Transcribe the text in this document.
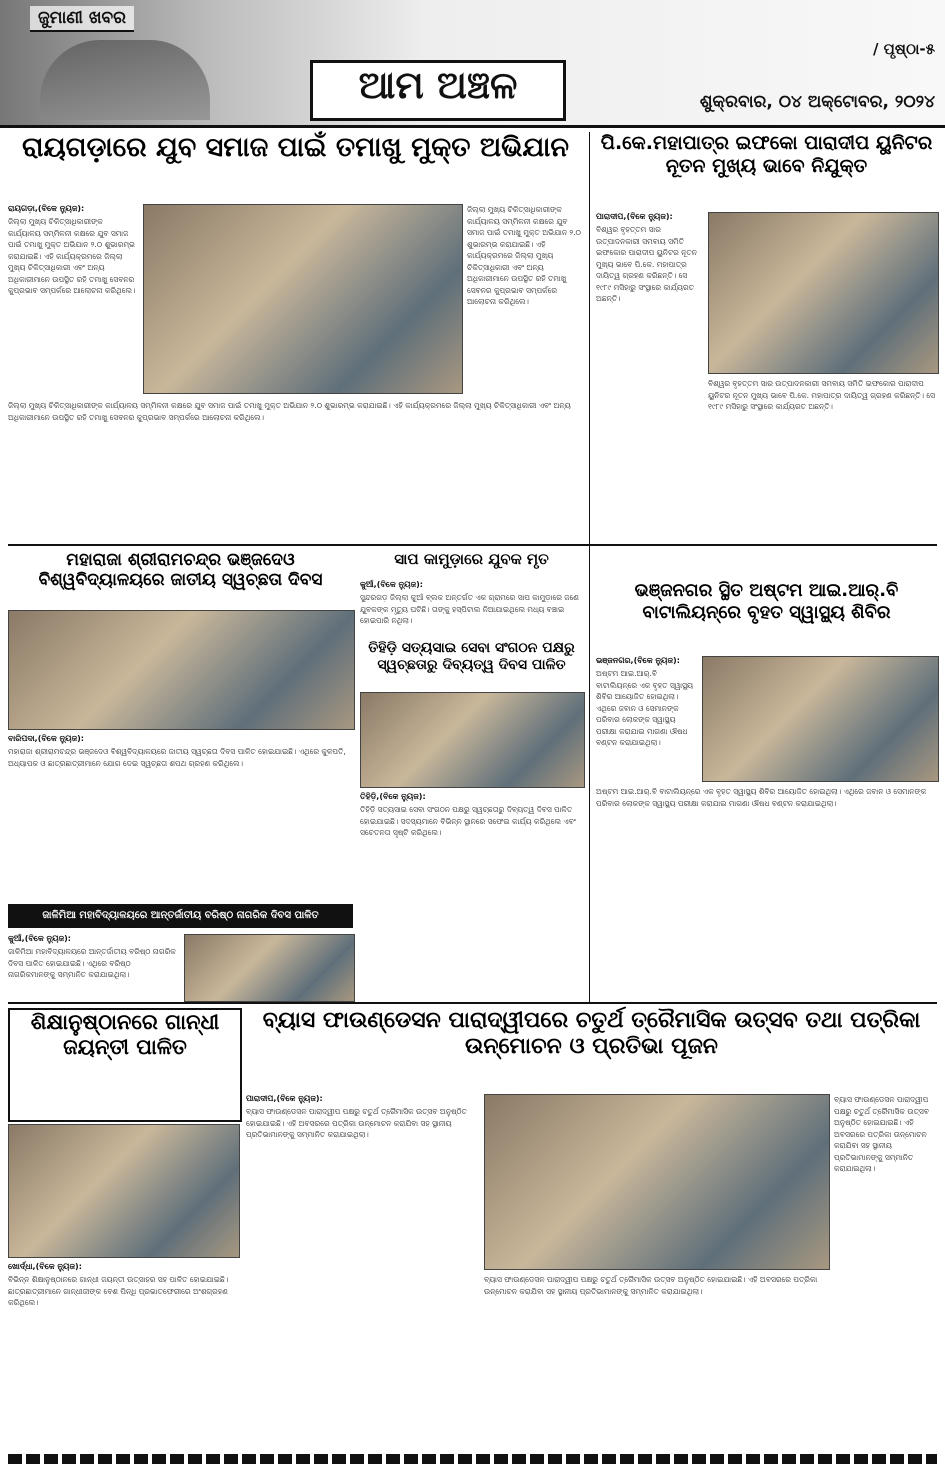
ଜୁମାଣୀ ଖବର
ଆମ ଅଞ୍ଚଳ
/ ପୃଷ୍ଠା-୫
ଶୁକ୍ରବାର, ୦୪ ଅକ୍ଟୋବର, ୨୦୨୪
ରାୟଗଡ଼ାରେ ଯୁବ ସମାଜ ପାଇଁ ତମାଖୁ ମୁକ୍ତ ଅଭିଯାନ
ରାୟଗଡ଼ା,(ବିକେ ନ୍ୟୁଜ):
ଜିଲ୍ଲା ମୁଖ୍ୟ ଚିକିତ୍ସାଧିକାରୀଙ୍କ କାର୍ଯ୍ୟାଳୟ ସମ୍ମିଳନୀ କକ୍ଷରେ ଯୁବ ସମାଜ ପାଇଁ ତମାଖୁ ମୁକ୍ତ ଅଭିଯାନ ୨.୦ ଶୁଭାରମ୍ଭ କରାଯାଇଛି। ଏହି କାର୍ଯ୍ୟକ୍ରମରେ ଜିଲ୍ଲା ମୁଖ୍ୟ ଚିକିତ୍ସାଧିକାରୀ ଏବଂ ଅନ୍ୟ ଅଧିକାରୀମାନେ ଉପସ୍ଥିତ ରହି ତମାଖୁ ସେବନର କୁପ୍ରଭାବ ସମ୍ପର୍କରେ ଆଲୋଚନା କରିଥିଲେ।
ଜିଲ୍ଲା ମୁଖ୍ୟ ଚିକିତ୍ସାଧିକାରୀଙ୍କ କାର୍ଯ୍ୟାଳୟ ସମ୍ମିଳନୀ କକ୍ଷରେ ଯୁବ ସମାଜ ପାଇଁ ତମାଖୁ ମୁକ୍ତ ଅଭିଯାନ ୨.୦ ଶୁଭାରମ୍ଭ କରାଯାଇଛି। ଏହି କାର୍ଯ୍ୟକ୍ରମରେ ଜିଲ୍ଲା ମୁଖ୍ୟ ଚିକିତ୍ସାଧିକାରୀ ଏବଂ ଅନ୍ୟ ଅଧିକାରୀମାନେ ଉପସ୍ଥିତ ରହି ତମାଖୁ ସେବନର କୁପ୍ରଭାବ ସମ୍ପର୍କରେ ଆଲୋଚନା କରିଥିଲେ।
ଜିଲ୍ଲା ମୁଖ୍ୟ ଚିକିତ୍ସାଧିକାରୀଙ୍କ କାର୍ଯ୍ୟାଳୟ ସମ୍ମିଳନୀ କକ୍ଷରେ ଯୁବ ସମାଜ ପାଇଁ ତମାଖୁ ମୁକ୍ତ ଅଭିଯାନ ୨.୦ ଶୁଭାରମ୍ଭ କରାଯାଇଛି। ଏହି କାର୍ଯ୍ୟକ୍ରମରେ ଜିଲ୍ଲା ମୁଖ୍ୟ ଚିକିତ୍ସାଧିକାରୀ ଏବଂ ଅନ୍ୟ ଅଧିକାରୀମାନେ ଉପସ୍ଥିତ ରହି ତମାଖୁ ସେବନର କୁପ୍ରଭାବ ସମ୍ପର୍କରେ ଆଲୋଚନା କରିଥିଲେ।
ପି.କେ.ମହାପାତ୍ର ଇଫକୋ ପାରାଦୀପ ୟୁନିଟର ନୂତନ ମୁଖ୍ୟ ଭାବେ ନିଯୁକ୍ତ
ପାରାଦୀପ,(ବିକେ ନ୍ୟୁଜ):
ବିଶ୍ୱର ବୃହତ୍ତମ ସାର ଉତ୍ପାଦନକାରୀ ସମବାୟ ସମିତି ଇଫକୋର ପାରାଦୀପ ୟୁନିଟର ନୂତନ ମୁଖ୍ୟ ଭାବେ ପି.କେ. ମହାପାତ୍ର ଦାୟିତ୍ୱ ଗ୍ରହଣ କରିଛନ୍ତି। ସେ ୧୯୮୯ ମସିହାରୁ ସଂସ୍ଥାରେ କାର୍ଯ୍ୟରତ ଅଛନ୍ତି।
ବିଶ୍ୱର ବୃହତ୍ତମ ସାର ଉତ୍ପାଦନକାରୀ ସମବାୟ ସମିତି ଇଫକୋର ପାରାଦୀପ ୟୁନିଟର ନୂତନ ମୁଖ୍ୟ ଭାବେ ପି.କେ. ମହାପାତ୍ର ଦାୟିତ୍ୱ ଗ୍ରହଣ କରିଛନ୍ତି। ସେ ୧୯୮୯ ମସିହାରୁ ସଂସ୍ଥାରେ କାର୍ଯ୍ୟରତ ଅଛନ୍ତି।
ମହାରାଜା ଶ୍ରୀରାମଚନ୍ଦ୍ର ଭଞ୍ଜଦେଓ ବିଶ୍ୱବିଦ୍ୟାଳୟରେ ଜାତୀୟ ସ୍ୱଚ୍ଛତା ଦିବସ
ବାରିପଦା,(ବିକେ ନ୍ୟୁଜ):
ମହାରାଜା ଶ୍ରୀରାମଚନ୍ଦ୍ର ଭଞ୍ଜଦେଓ ବିଶ୍ୱବିଦ୍ୟାଳୟରେ ଜାତୀୟ ସ୍ୱଚ୍ଛତା ଦିବସ ପାଳିତ ହୋଇଯାଇଛି। ଏଥିରେ କୁଳପତି, ଅଧ୍ୟାପକ ଓ ଛାତ୍ରଛାତ୍ରୀମାନେ ଯୋଗ ଦେଇ ସ୍ୱଚ୍ଛତା ଶପଥ ଗ୍ରହଣ କରିଥିଲେ।
ସାପ କାମୁଡ଼ାରେ ଯୁବକ ମୃତ
କୁଆଁ,(ବିକେ ନ୍ୟୁଜ):
ସୁନ୍ଦରଗଡ଼ ଜିଲ୍ଲା କୁଆଁ ବ୍ଲକ ଅନ୍ତର୍ଗତ ଏକ ଗ୍ରାମରେ ସାପ କାମୁଡ଼ାରେ ଜଣେ ଯୁବକଙ୍କ ମୃତ୍ୟୁ ଘଟିଛି। ତାଙ୍କୁ ହସ୍ପିଟାଲ ନିଆଯାଇଥିଲେ ମଧ୍ୟ ବଞ୍ଚାଇ ହୋଇପାରି ନଥିଲା।
ତିହିଡ଼ି ସତ୍ୟସାଇ ସେବା ସଂଗଠନ ପକ୍ଷରୁ ସ୍ୱଚ୍ଛତାରୁ ଦିବ୍ୟତ୍ୱ ଦିବସ ପାଳିତ
ତିହିଡ଼ି,(ବିକେ ନ୍ୟୁଜ):
ତିହିଡ଼ି ସତ୍ୟସାଇ ସେବା ସଂଗଠନ ପକ୍ଷରୁ ସ୍ୱଚ୍ଛତାରୁ ଦିବ୍ୟତ୍ୱ ଦିବସ ପାଳିତ ହୋଇଯାଇଛି। ସଦସ୍ୟମାନେ ବିଭିନ୍ନ ସ୍ଥାନରେ ସଫେଇ କାର୍ଯ୍ୟ କରିଥିଲେ ଏବଂ ସଚେତନତା ସୃଷ୍ଟି କରିଥିଲେ।
ଭଞ୍ଜନଗର ସ୍ଥିତ ଅଷ୍ଟମ ଆଇ.ଆର୍.ବି ବାଟାଲିୟନ୍‌ରେ ବୃହତ ସ୍ୱାସ୍ଥ୍ୟ ଶିବିର
ଭଞ୍ଜନଗର,(ବିକେ ନ୍ୟୁଜ):
ଅଷ୍ଟମ ଆଇ.ଆର୍.ବି ବାଟାଲିୟନ୍‌ରେ ଏକ ବୃହତ ସ୍ୱାସ୍ଥ୍ୟ ଶିବିର ଆୟୋଜିତ ହୋଇଥିଲା। ଏଥିରେ ଜବାନ ଓ ସେମାନଙ୍କ ପରିବାର ଲୋକଙ୍କ ସ୍ୱାସ୍ଥ୍ୟ ପରୀକ୍ଷା କରାଯାଇ ମାଗଣା ଔଷଧ ବଣ୍ଟନ କରାଯାଇଥିଲା।
ଅଷ୍ଟମ ଆଇ.ଆର୍.ବି ବାଟାଲିୟନ୍‌ରେ ଏକ ବୃହତ ସ୍ୱାସ୍ଥ୍ୟ ଶିବିର ଆୟୋଜିତ ହୋଇଥିଲା। ଏଥିରେ ଜବାନ ଓ ସେମାନଙ୍କ ପରିବାର ଲୋକଙ୍କ ସ୍ୱାସ୍ଥ୍ୟ ପରୀକ୍ଷା କରାଯାଇ ମାଗଣା ଔଷଧ ବଣ୍ଟନ କରାଯାଇଥିଲା।
ଜାଳିମିଆ ମହାବିଦ୍ୟାଳୟରେ ଆନ୍ତର୍ଜାତୀୟ ବରିଷ୍ଠ ନାଗରିକ ଦିବସ ପାଳିତ
କୁଆଁ,(ବିକେ ନ୍ୟୁଜ):
ଜାଳିମିଆ ମହାବିଦ୍ୟାଳୟରେ ଆନ୍ତର୍ଜାତୀୟ ବରିଷ୍ଠ ନାଗରିକ ଦିବସ ପାଳିତ ହୋଇଯାଇଛି। ଏଥିରେ ବରିଷ୍ଠ ନାଗରିକମାନଙ୍କୁ ସମ୍ମାନିତ କରାଯାଇଥିଲା।
ଶିକ୍ଷାନୁଷ୍ଠାନରେ ଗାନ୍ଧୀ ଜୟନ୍ତୀ ପାଳିତ
ଖୋର୍ଦ୍ଧା,(ବିକେ ନ୍ୟୁଜ):
ବିଭିନ୍ନ ଶିକ୍ଷାନୁଷ୍ଠାନରେ ଗାନ୍ଧୀ ଜୟନ୍ତୀ ଉତ୍ସାହର ସହ ପାଳିତ ହୋଇଯାଇଛି। ଛାତ୍ରଛାତ୍ରୀମାନେ ଗାନ୍ଧୀଜୀଙ୍କ ବେଶ ପିନ୍ଧି ପ୍ରଭାତଫେରୀରେ ଅଂଶଗ୍ରହଣ କରିଥିଲେ।
ବ୍ୟାସ ଫାଉଣ୍ଡେସନ ପାରାଦ୍ୱୀପରେ ଚତୁର୍ଥ ତ୍ରୈମାସିକ ଉତ୍ସବ ତଥା ପତ୍ରିକା ଉନ୍ମୋଚନ ଓ ପ୍ରତିଭା ପୂଜନ
ପାରାଦୀପ,(ବିକେ ନ୍ୟୁଜ):
ବ୍ୟାସ ଫାଉଣ୍ଡେସନ ପାରାଦ୍ୱୀପ ପକ୍ଷରୁ ଚତୁର୍ଥ ତ୍ରୈମାସିକ ଉତ୍ସବ ଅନୁଷ୍ଠିତ ହୋଇଯାଇଛି। ଏହି ଅବସରରେ ପତ୍ରିକା ଉନ୍ମୋଚନ କରାଯିବା ସହ ସ୍ଥାନୀୟ ପ୍ରତିଭାମାନଙ୍କୁ ସମ୍ମାନିତ କରାଯାଇଥିଲା।
ବ୍ୟାସ ଫାଉଣ୍ଡେସନ ପାରାଦ୍ୱୀପ ପକ୍ଷରୁ ଚତୁର୍ଥ ତ୍ରୈମାସିକ ଉତ୍ସବ ଅନୁଷ୍ଠିତ ହୋଇଯାଇଛି। ଏହି ଅବସରରେ ପତ୍ରିକା ଉନ୍ମୋଚନ କରାଯିବା ସହ ସ୍ଥାନୀୟ ପ୍ରତିଭାମାନଙ୍କୁ ସମ୍ମାନିତ କରାଯାଇଥିଲା।
ବ୍ୟାସ ଫାଉଣ୍ଡେସନ ପାରାଦ୍ୱୀପ ପକ୍ଷରୁ ଚତୁର୍ଥ ତ୍ରୈମାସିକ ଉତ୍ସବ ଅନୁଷ୍ଠିତ ହୋଇଯାଇଛି। ଏହି ଅବସରରେ ପତ୍ରିକା ଉନ୍ମୋଚନ କରାଯିବା ସହ ସ୍ଥାନୀୟ ପ୍ରତିଭାମାନଙ୍କୁ ସମ୍ମାନିତ କରାଯାଇଥିଲା।
